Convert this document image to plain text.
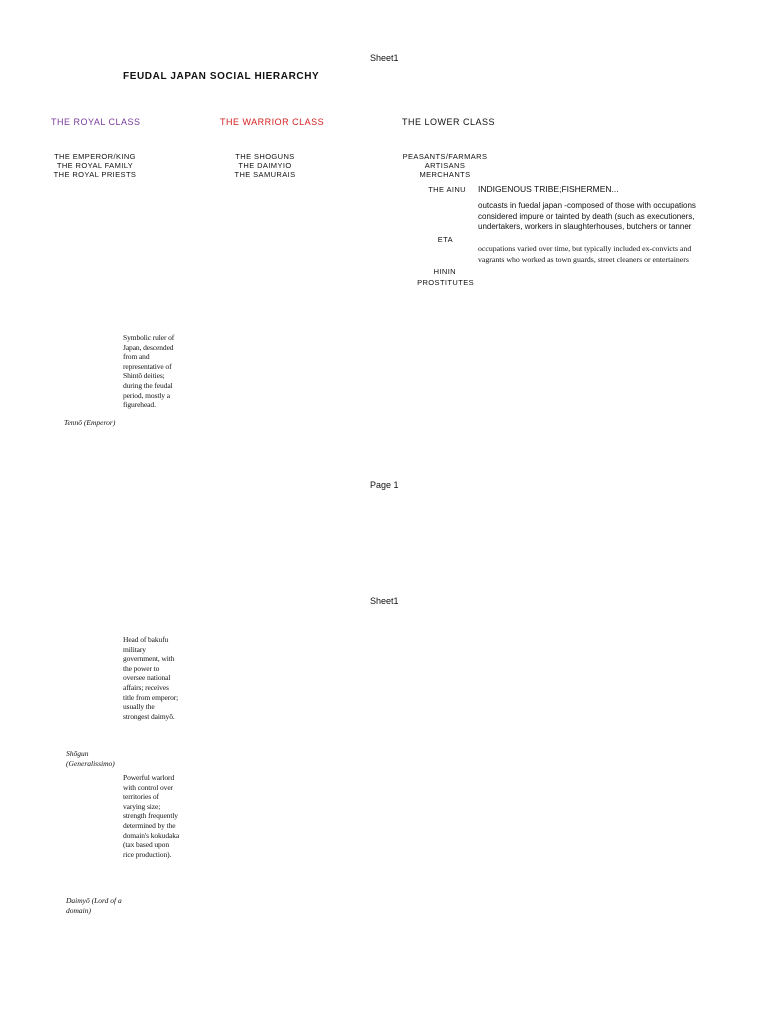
Sheet1
FEUDAL JAPAN SOCIAL HIERARCHY
THE ROYAL CLASS	THE WARRIOR CLASS	THE LOWER CLASS
THE EMPEROR/KING
THE ROYAL FAMILY
THE ROYAL PRIESTS
THE SHOGUNS
THE DAIMYIO
THE SAMURAIS
PEASANTS/FARMARS
ARTISANS
MERCHANTS
THE AINU INDIGENOUS TRIBE;FISHERMEN...
outcasts in fuedal japan -composed of those with occupations considered impure or tainted by death (such as executioners, undertakers, workers in slaughterhouses, butchers or tanner
ETA
occupations varied over time, but typically included ex-convicts and vagrants who worked as town guards, street cleaners or entertainers
HININ
PROSTITUTES
Tennō (Emperor)
Symbolic ruler of Japan, descended from and representative of Shintō deities; during the feudal period, mostly a figurehead.
Page 1
Sheet1
Head of bakufu military government, with the power to oversee national affairs; receives title from emperor; usually the strongest daimyō.
Shōgun (Generalissimo)
Powerful warlord with control over territories of varying size; strength frequently determined by the domain's kokudaka (tax based upon rice production).
Daimyō (Lord of a domain)
